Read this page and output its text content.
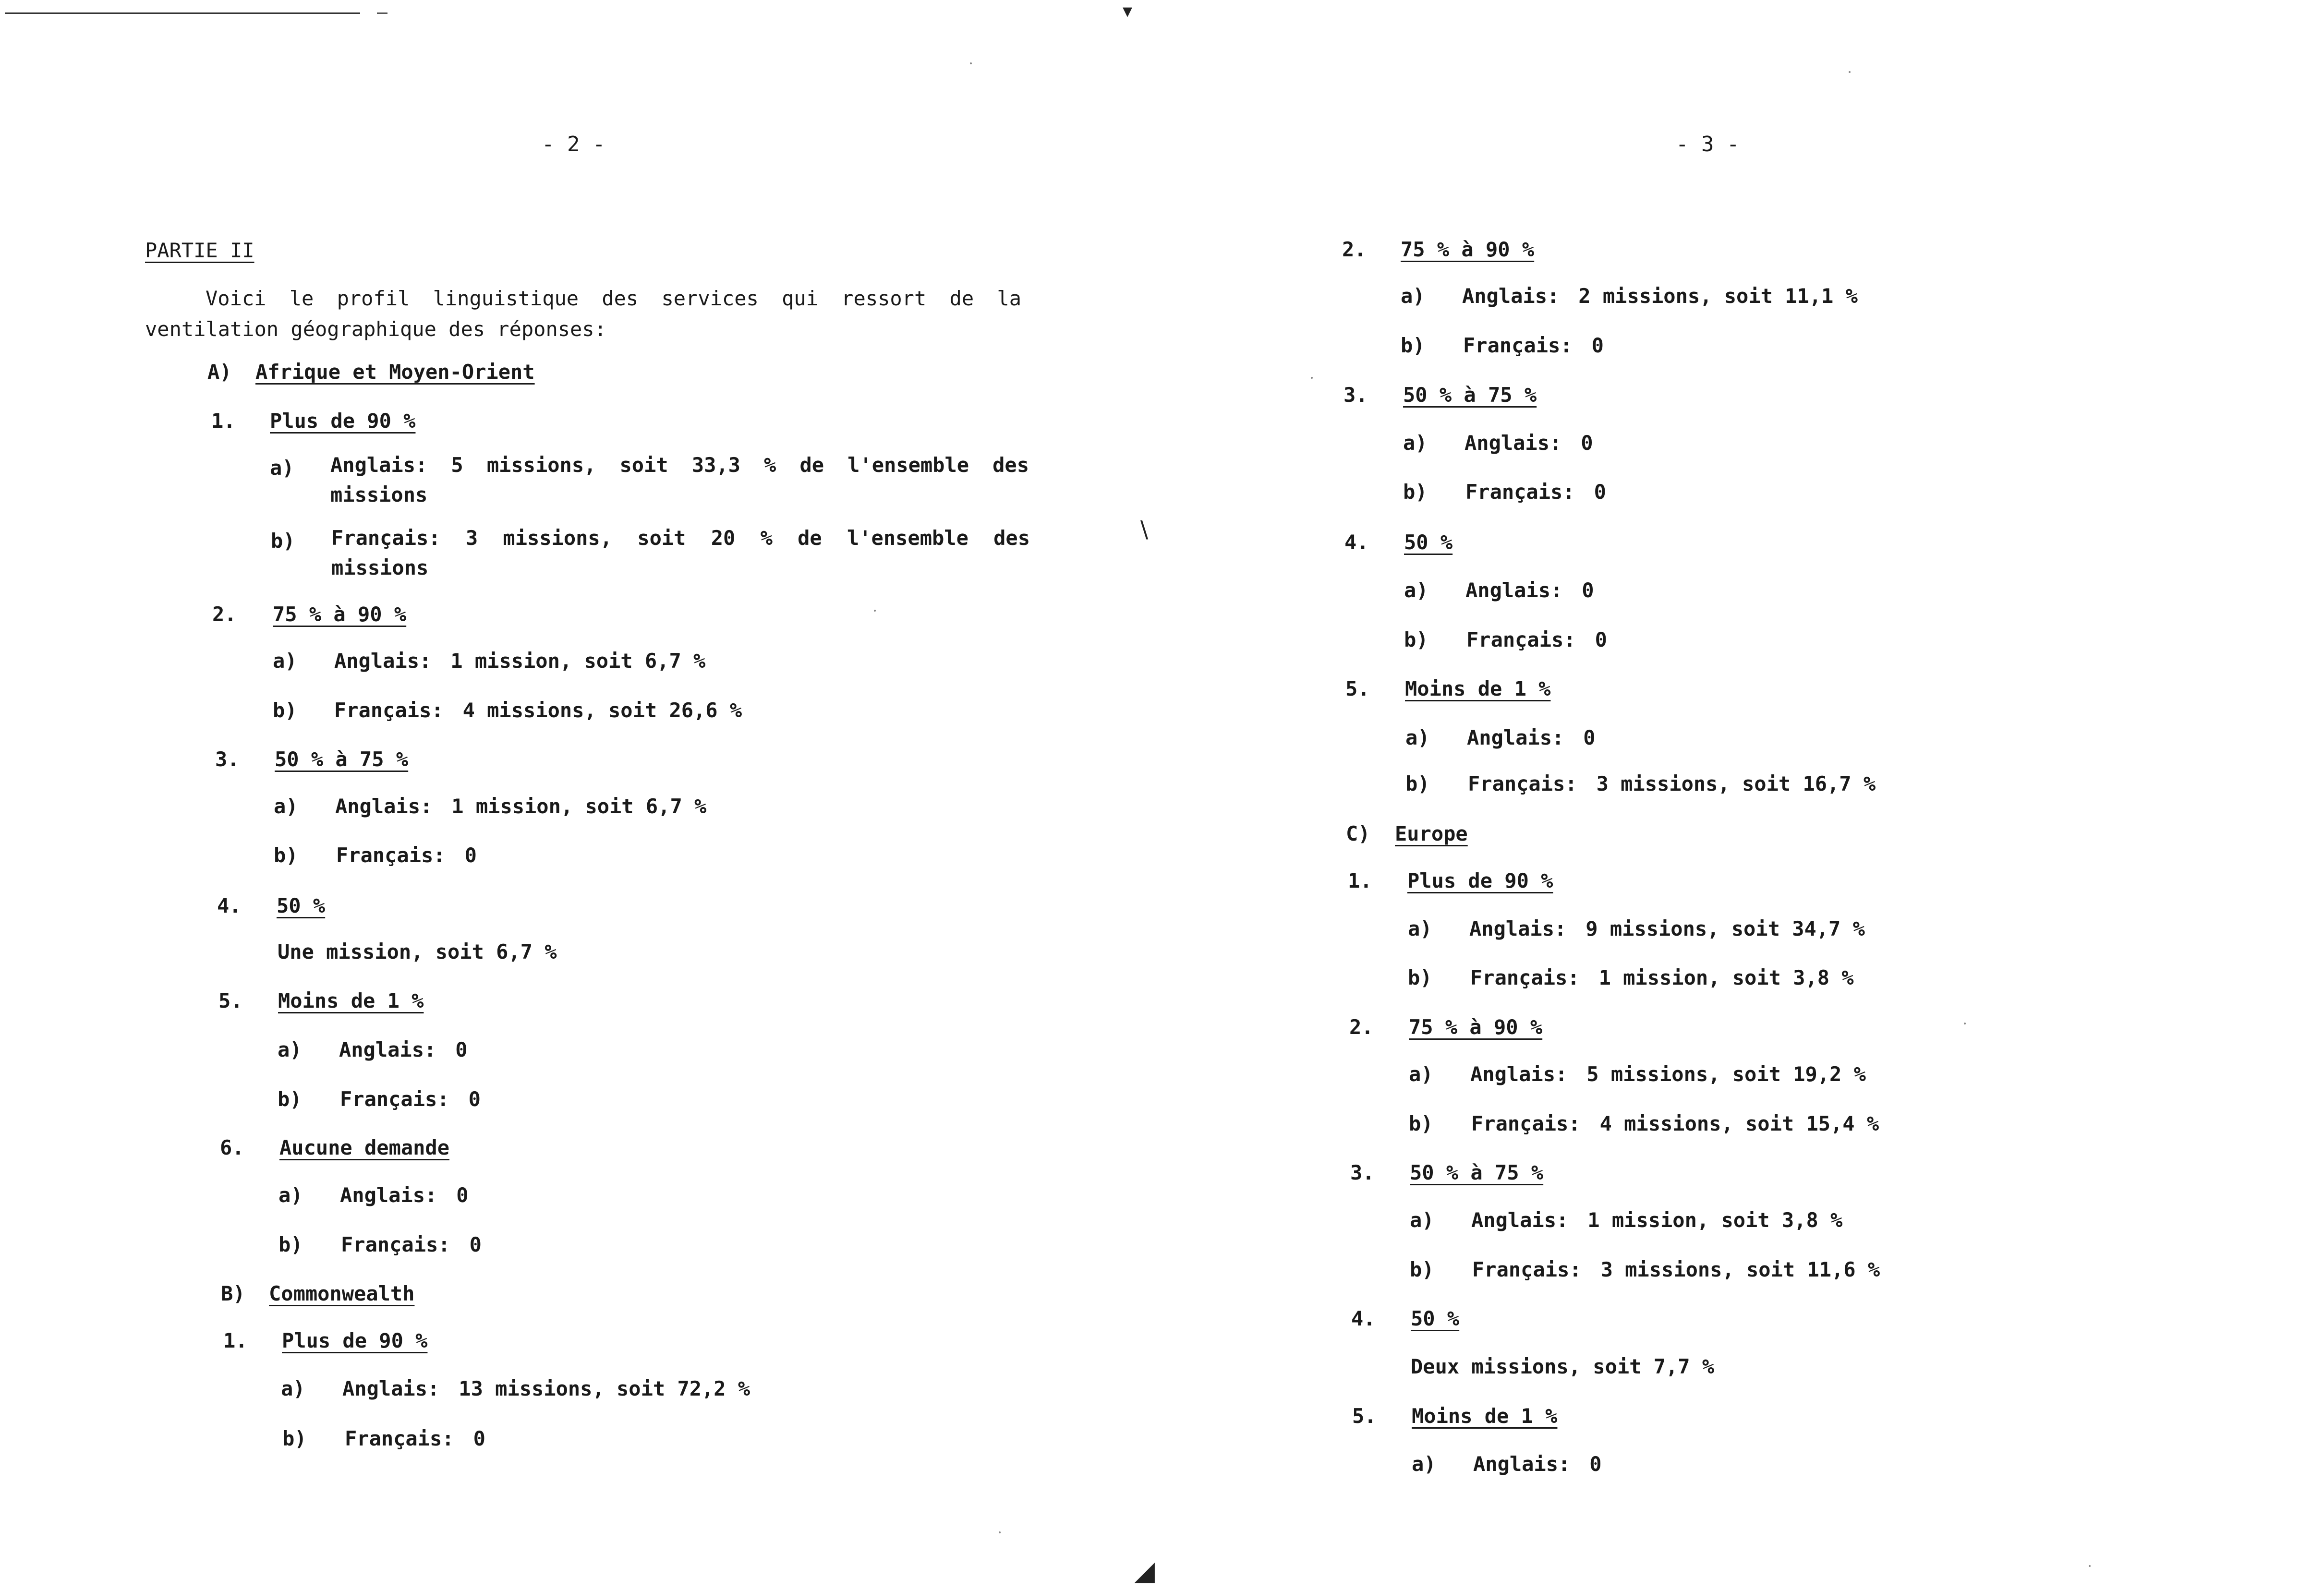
▾
\
◢
- 2 -
PARTIE II
Voici le profil linguistique des services qui ressort de la ventilation géographique des réponses:
A) Afrique et Moyen-Orient
1. Plus de 90 %
a) Anglais: 5 missions, soit 33,3 % de l'ensemble des missions
b) Français: 3 missions, soit 20 % de l'ensemble des missions
2. 75 % à 90 %
a) Anglais: 1 mission, soit 6,7 %
b) Français: 4 missions, soit 26,6 %
3. 50 % à 75 %
a) Anglais: 1 mission, soit 6,7 %
b) Français: 0
4. 50 %
Une mission, soit 6,7 %
5. Moins de 1 %
a) Anglais: 0
b) Français: 0
6. Aucune demande
a) Anglais: 0
b) Français: 0
B) Commonwealth
1. Plus de 90 %
a) Anglais: 13 missions, soit 72,2 %
b) Français: 0
- 3 -
2. 75 % à 90 %
a) Anglais: 2 missions, soit 11,1 %
b) Français: 0
3. 50 % à 75 %
a) Anglais: 0
b) Français: 0
4. 50 %
a) Anglais: 0
b) Français: 0
5. Moins de 1 %
a) Anglais: 0
b) Français: 3 missions, soit 16,7 %
C) Europe
1. Plus de 90 %
a) Anglais: 9 missions, soit 34,7 %
b) Français: 1 mission, soit 3,8 %
2. 75 % à 90 %
a) Anglais: 5 missions, soit 19,2 %
b) Français: 4 missions, soit 15,4 %
3. 50 % à 75 %
a) Anglais: 1 mission, soit 3,8 %
b) Français: 3 missions, soit 11,6 %
4. 50 %
Deux missions, soit 7,7 %
5. Moins de 1 %
a) Anglais: 0
